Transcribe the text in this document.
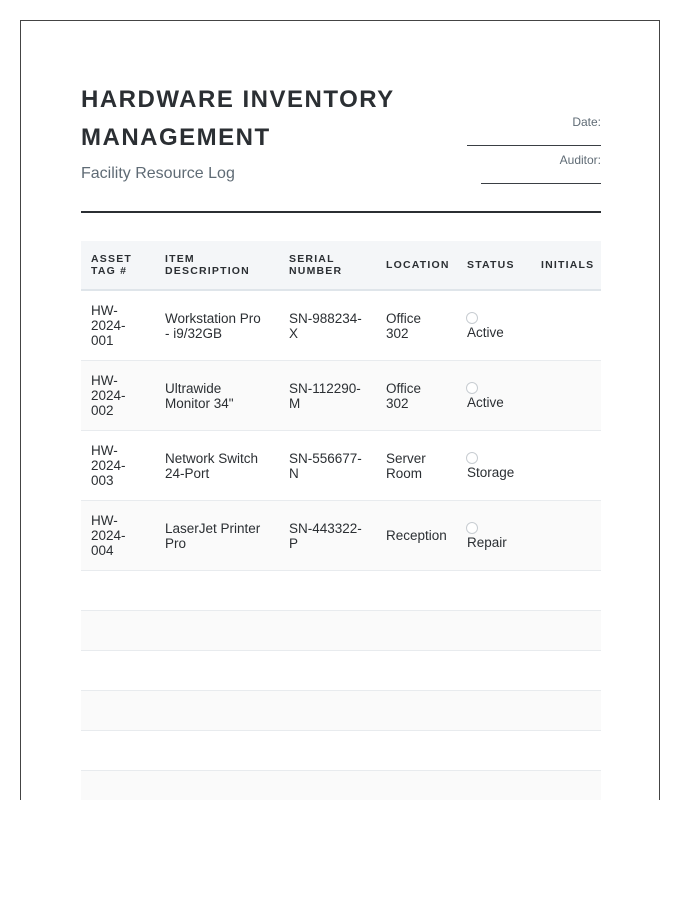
HARDWARE INVENTORY MANAGEMENT
Facility Resource Log
Date:
Auditor:
ASSET TAG #	ITEM DESCRIPTION	SERIAL NUMBER	LOCATION	STATUS	INITIALS
HW-2024-001	Workstation Pro - i9/32GB	SN-988234-X	Office 302	Active	
HW-2024-002	Ultrawide Monitor 34"	SN-112290-M	Office 302	Active	
HW-2024-003	Network Switch 24-Port	SN-556677-N	Server Room	Storage	
HW-2024-004	LaserJet Printer Pro	SN-443322-P	Reception	Repair	
